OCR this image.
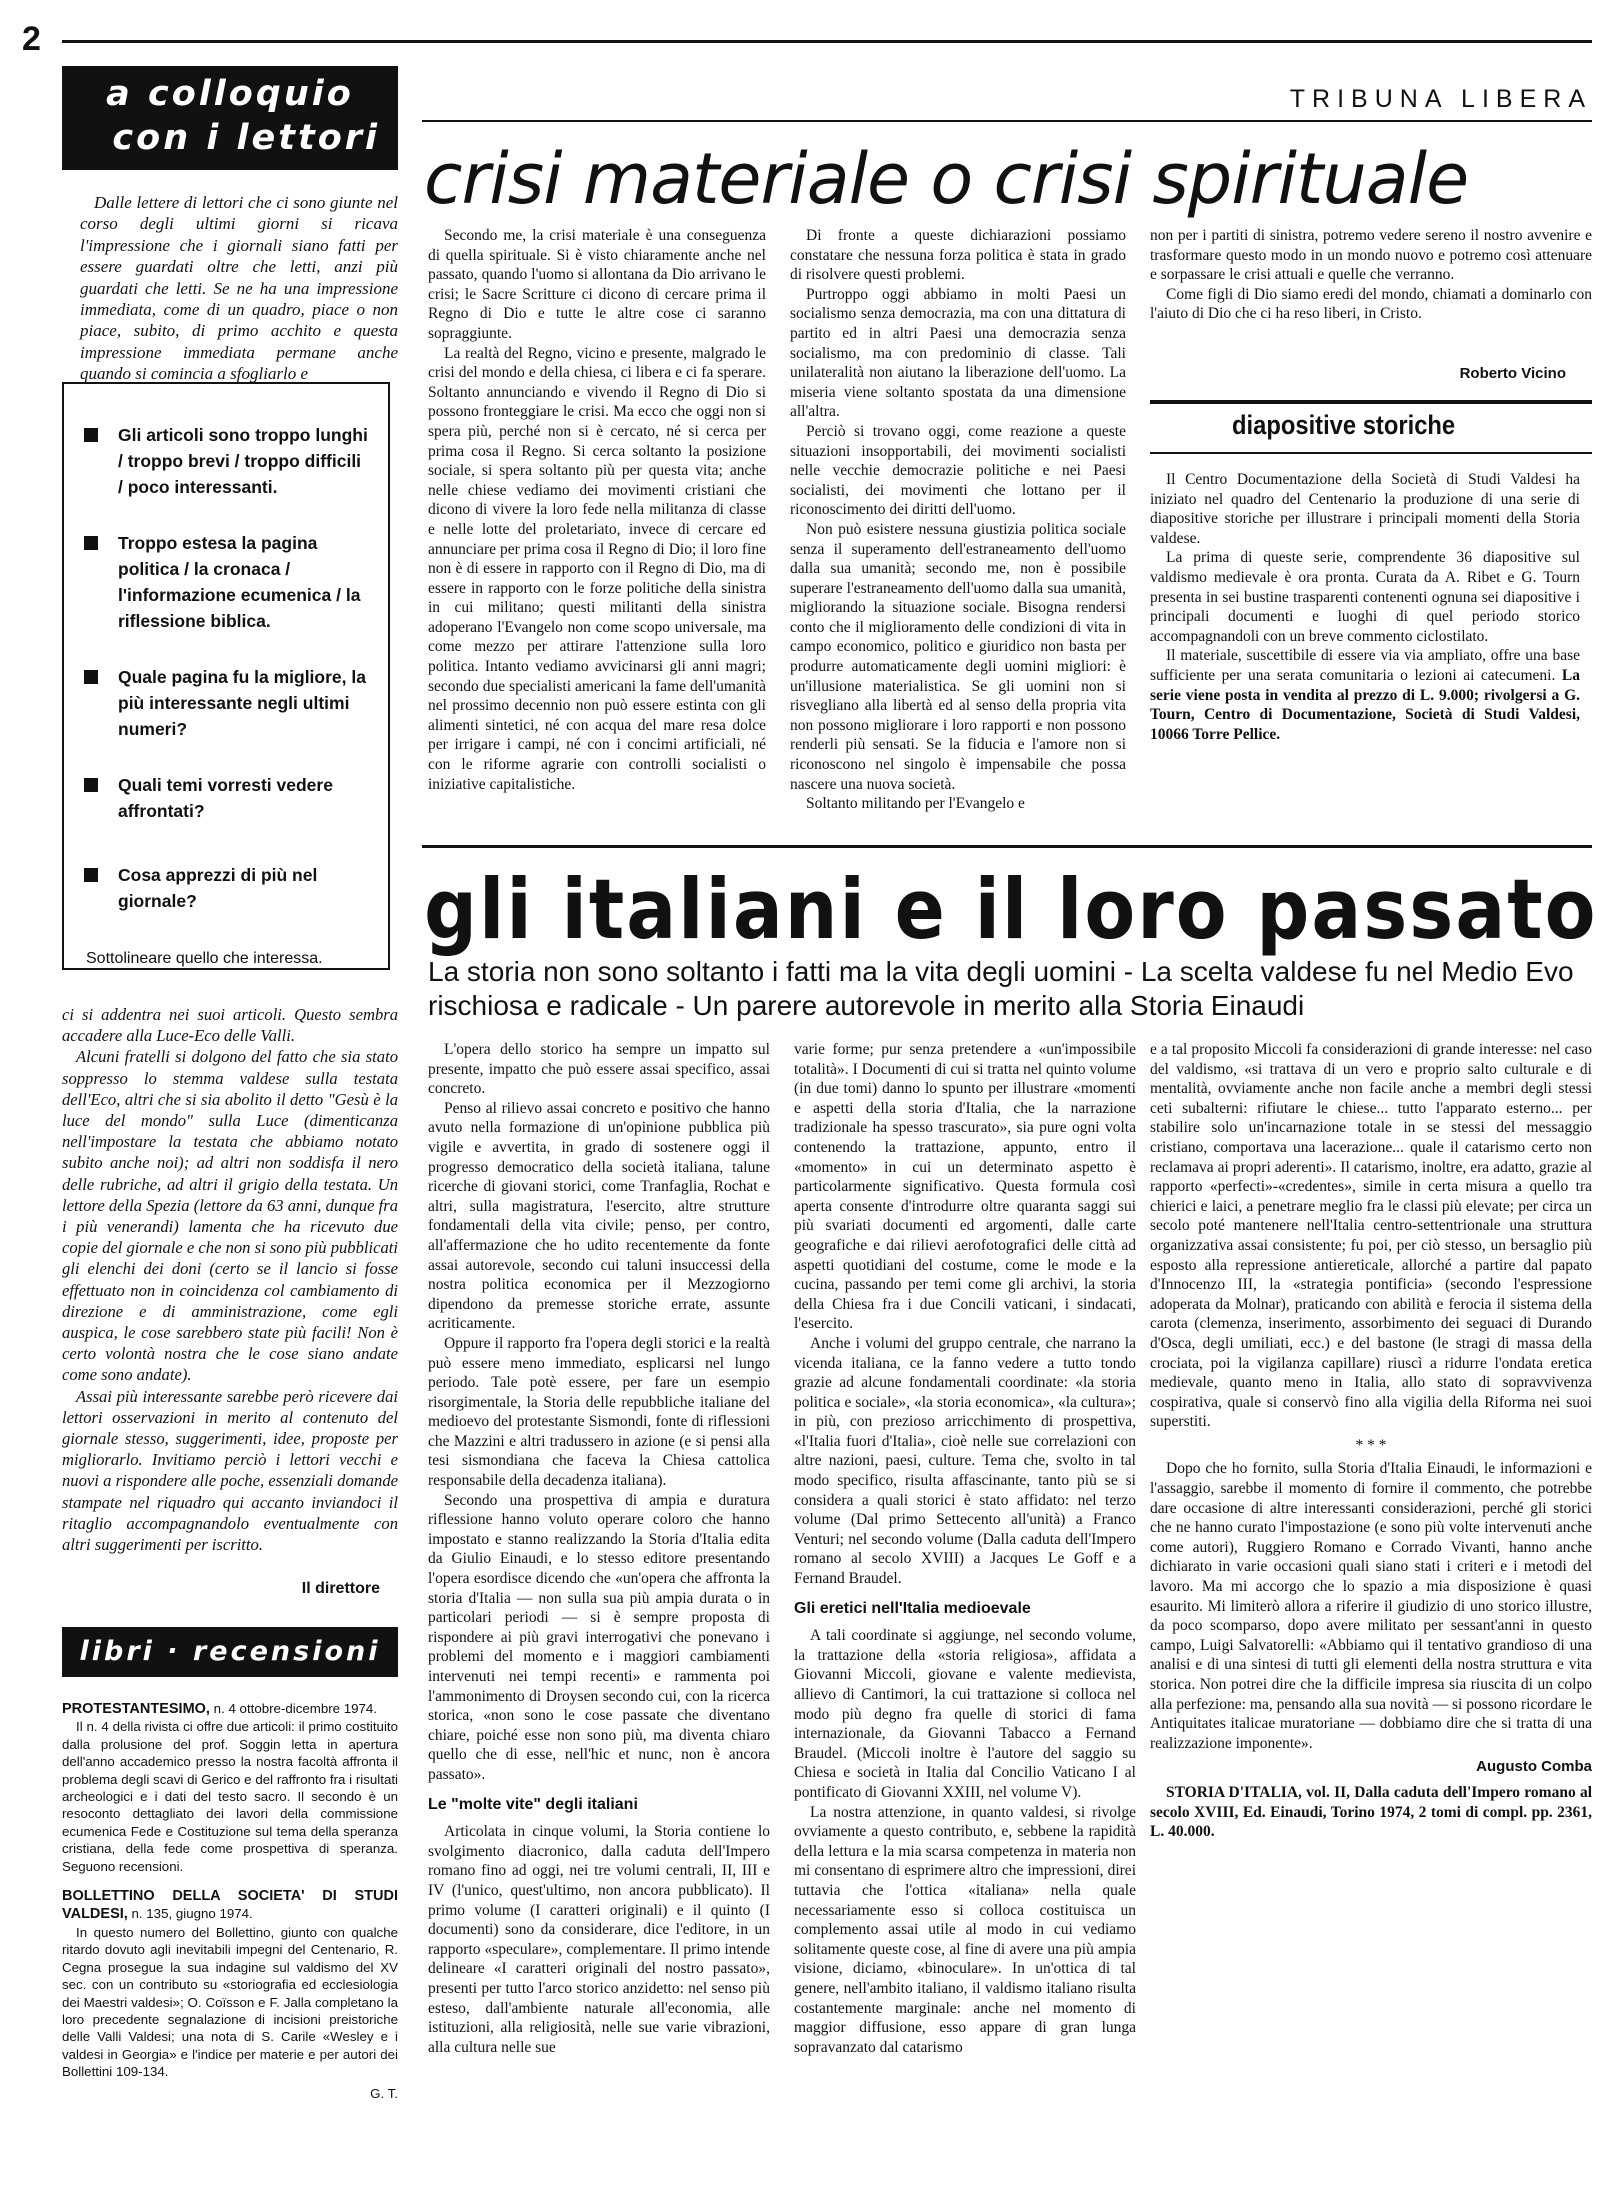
2
a colloquio
con i lettori
Dalle lettere di lettori che ci sono giunte nel corso degli ultimi giorni si ricava l'impressione che i giornali siano fatti per essere guardati oltre che letti, anzi più guardati che letti. Se ne ha una impressione immediata, come di un quadro, piace o non piace, subito, di primo acchito e questa impressione immediata permane anche quando si comincia a sfogliarlo e
Gli articoli sono troppo lunghi / troppo brevi / troppo difficili / poco interessanti.
Troppo estesa la pagina politica / la cronaca / l'informazione ecumenica / la riflessione biblica.
Quale pagina fu la migliore, la più interessante negli ultimi numeri?
Quali temi vorresti vedere affrontati?
Cosa apprezzi di più nel giornale?
Sottolineare quello che interessa.

ci si addentra nei suoi articoli. Questo sembra accadere alla Luce-Eco delle Valli.

Alcuni fratelli si dolgono del fatto che sia stato soppresso lo stemma valdese sulla testata dell'Eco, altri che si sia abolito il detto "Gesù è la luce del mondo" sulla Luce (dimenticanza nell'impostare la testata che abbiamo notato subito anche noi); ad altri non soddisfa il nero delle rubriche, ad altri il grigio della testata. Un lettore della Spezia (lettore da 63 anni, dunque fra i più venerandi) lamenta che ha ricevuto due copie del giornale e che non si sono più pubblicati gli elenchi dei doni (certo se il lancio si fosse effettuato non in coincidenza col cambiamento di direzione e di amministrazione, come egli auspica, le cose sarebbero state più facili! Non è certo volontà nostra che le cose siano andate come sono andate).

Assai più interessante sarebbe però ricevere dai lettori osservazioni in merito al contenuto del giornale stesso, suggerimenti, idee, proposte per migliorarlo. Invitiamo perciò i lettori vecchi e nuovi a rispondere alle poche, essenziali domande stampate nel riquadro qui accanto inviandoci il ritaglio accompagnandolo eventualmente con altri suggerimenti per iscritto.

Il direttore
libri · recensioni
PROTESTANTESIMO, n. 4 ottobre-dicembre 1974.

Il n. 4 della rivista ci offre due articoli: il primo costituito dalla prolusione del prof. Soggin letta in apertura dell'anno accademico presso la nostra facoltà affronta il problema degli scavi di Gerico e del raffronto fra i risultati archeologici e i dati del testo sacro. Il secondo è un resoconto dettagliato dei lavori della commissione ecumenica Fede e Costituzione sul tema della speranza cristiana, della fede come prospettiva di speranza. Seguono recensioni.

BOLLETTINO DELLA SOCIETA' DI STUDI VALDESI, n. 135, giugno 1974.

In questo numero del Bollettino, giunto con qualche ritardo dovuto agli inevitabili impegni del Centenario, R. Cegna prosegue la sua indagine sul valdismo del XV sec. con un contributo su «storiografia ed ecclesiologia dei Maestri valdesi»; O. Coïsson e F. Jalla completano la loro precedente segnalazione di incisioni preistoriche delle Valli Valdesi; una nota di S. Carile «Wesley e i valdesi in Georgia» e l'indice per materie e per autori dei Bollettini 109-134.

G. T.
TRIBUNA LIBERA
crisi materiale o crisi spirituale

Secondo me, la crisi materiale è una conseguenza di quella spirituale. Si è visto chiaramente anche nel passato, quando l'uomo si allontana da Dio arrivano le crisi; le Sacre Scritture ci dicono di cercare prima il Regno di Dio e tutte le altre cose ci saranno sopraggiunte.

La realtà del Regno, vicino e presente, malgrado le crisi del mondo e della chiesa, ci libera e ci fa sperare. Soltanto annunciando e vivendo il Regno di Dio si possono fronteggiare le crisi. Ma ecco che oggi non si spera più, perché non si è cercato, né si cerca per prima cosa il Regno. Si cerca soltanto la posizione sociale, si spera soltanto più per questa vita; anche nelle chiese vediamo dei movimenti cristiani che dicono di vivere la loro fede nella militanza di classe e nelle lotte del proletariato, invece di cercare ed annunciare per prima cosa il Regno di Dio; il loro fine non è di essere in rapporto con il Regno di Dio, ma di essere in rapporto con le forze politiche della sinistra in cui militano; questi militanti della sinistra adoperano l'Evangelo non come scopo universale, ma come mezzo per attirare l'attenzione sulla loro politica. Intanto vediamo avvicinarsi gli anni magri; secondo due specialisti americani la fame dell'umanità nel prossimo decennio non può essere estinta con gli alimenti sintetici, né con acqua del mare resa dolce per irrigare i campi, né con i concimi artificiali, né con le riforme agrarie con controlli socialisti o iniziative capitalistiche.

Di fronte a queste dichiarazioni possiamo constatare che nessuna forza politica è stata in grado di risolvere questi problemi.

Purtroppo oggi abbiamo in molti Paesi un socialismo senza democrazia, ma con una dittatura di partito ed in altri Paesi una democrazia senza socialismo, ma con predominio di classe. Tali unilateralità non aiutano la liberazione dell'uomo. La miseria viene soltanto spostata da una dimensione all'altra.

Perciò si trovano oggi, come reazione a queste situazioni insopportabili, dei movimenti socialisti nelle vecchie democrazie politiche e nei Paesi socialisti, dei movimenti che lottano per il riconoscimento dei diritti dell'uomo.

Non può esistere nessuna giustizia politica sociale senza il superamento dell'estraneamento dell'uomo dalla sua umanità; secondo me, non è possibile superare l'estraneamento dell'uomo dalla sua umanità, migliorando la situazione sociale. Bisogna rendersi conto che il miglioramento delle condizioni di vita in campo economico, politico e giuridico non basta per produrre automaticamente degli uomini migliori: è un'illusione materialistica. Se gli uomini non si risvegliano alla libertà ed al senso della propria vita non possono migliorare i loro rapporti e non possono renderli più sensati. Se la fiducia e l'amore non si riconoscono nel singolo è impensabile che possa nascere una nuova società.

Soltanto militando per l'Evangelo e

non per i partiti di sinistra, potremo vedere sereno il nostro avvenire e trasformare questo modo in un mondo nuovo e potremo così attenuare e sorpassare le crisi attuali e quelle che verranno.

Come figli di Dio siamo eredi del mondo, chiamati a dominarlo con l'aiuto di Dio che ci ha reso liberi, in Cristo.

Roberto Vicino
diapositive storiche

Il Centro Documentazione della Società di Studi Valdesi ha iniziato nel quadro del Centenario la produzione di una serie di diapositive storiche per illustrare i principali momenti della Storia valdese.

La prima di queste serie, comprendente 36 diapositive sul valdismo medievale è ora pronta. Curata da A. Ribet e G. Tourn presenta in sei bustine trasparenti contenenti ognuna sei diapositive i principali documenti e luoghi di quel periodo storico accompagnandoli con un breve commento ciclostilato.

Il materiale, suscettibile di essere via via ampliato, offre una base sufficiente per una serata comunitaria o lezioni ai catecumeni. La serie viene posta in vendita al prezzo di L. 9.000; rivolgersi a G. Tourn, Centro di Documentazione, Società di Studi Valdesi, 10066 Torre Pellice.

gli italiani e il loro passato
La storia non sono soltanto i fatti ma la vita degli uomini - La scelta valdese fu nel Medio Evo rischiosa e radicale - Un parere autorevole in merito alla Storia Einaudi

L'opera dello storico ha sempre un impatto sul presente, impatto che può essere assai specifico, assai concreto.

Penso al rilievo assai concreto e positivo che hanno avuto nella formazione di un'opinione pubblica più vigile e avvertita, in grado di sostenere oggi il progresso democratico della società italiana, talune ricerche di giovani storici, come Tranfaglia, Rochat e altri, sulla magistratura, l'esercito, altre strutture fondamentali della vita civile; penso, per contro, all'affermazione che ho udito recentemente da fonte assai autorevole, secondo cui taluni insuccessi della nostra politica economica per il Mezzogiorno dipendono da premesse storiche errate, assunte acriticamente.

Oppure il rapporto fra l'opera degli storici e la realtà può essere meno immediato, esplicarsi nel lungo periodo. Tale potè essere, per fare un esempio risorgimentale, la Storia delle repubbliche italiane del medioevo del protestante Sismondi, fonte di riflessioni che Mazzini e altri tradussero in azione (e si pensi alla tesi sismondiana che faceva la Chiesa cattolica responsabile della decadenza italiana).

Secondo una prospettiva di ampia e duratura riflessione hanno voluto operare coloro che hanno impostato e stanno realizzando la Storia d'Italia edita da Giulio Einaudi, e lo stesso editore presentando l'opera esordisce dicendo che «un'opera che affronta la storia d'Italia — non sulla sua più ampia durata o in particolari periodi — si è sempre proposta di rispondere ai più gravi interrogativi che ponevano i problemi del momento e i maggiori cambiamenti intervenuti nei tempi recenti» e rammenta poi l'ammonimento di Droysen secondo cui, con la ricerca storica, «non sono le cose passate che diventano chiare, poiché esse non sono più, ma diventa chiaro quello che di esse, nell'hic et nunc, non è ancora passato».

Le "molte vite" degli italiani

Articolata in cinque volumi, la Storia contiene lo svolgimento diacronico, dalla caduta dell'Impero romano fino ad oggi, nei tre volumi centrali, II, III e IV (l'unico, quest'ultimo, non ancora pubblicato). Il primo volume (I caratteri originali) e il quinto (I documenti) sono da considerare, dice l'editore, in un rapporto «speculare», complementare. Il primo intende delineare «I caratteri originali del nostro passato», presenti per tutto l'arco storico anzidetto: nel senso più esteso, dall'ambiente naturale all'economia, alle istituzioni, alla religiosità, nelle sue varie vibrazioni, alla cultura nelle sue

varie forme; pur senza pretendere a «un'impossibile totalità». I Documenti di cui si tratta nel quinto volume (in due tomi) danno lo spunto per illustrare «momenti e aspetti della storia d'Italia, che la narrazione tradizionale ha spesso trascurato», sia pure ogni volta contenendo la trattazione, appunto, entro il «momento» in cui un determinato aspetto è particolarmente significativo. Questa formula così aperta consente d'introdurre oltre quaranta saggi sui più svariati documenti ed argomenti, dalle carte geografiche e dai rilievi aerofotografici delle città ad aspetti quotidiani del costume, come le mode e la cucina, passando per temi come gli archivi, la storia della Chiesa fra i due Concili vaticani, i sindacati, l'esercito.

Anche i volumi del gruppo centrale, che narrano la vicenda italiana, ce la fanno vedere a tutto tondo grazie ad alcune fondamentali coordinate: «la storia politica e sociale», «la storia economica», «la cultura»; in più, con prezioso arricchimento di prospettiva, «l'Italia fuori d'Italia», cioè nelle sue correlazioni con altre nazioni, paesi, culture. Tema che, svolto in tal modo specifico, risulta affascinante, tanto più se si considera a quali storici è stato affidato: nel terzo volume (Dal primo Settecento all'unità) a Franco Venturi; nel secondo volume (Dalla caduta dell'Impero romano al secolo XVIII) a Jacques Le Goff e a Fernand Braudel.

Gli eretici nell'Italia medioevale

A tali coordinate si aggiunge, nel secondo volume, la trattazione della «storia religiosa», affidata a Giovanni Miccoli, giovane e valente medievista, allievo di Cantimori, la cui trattazione si colloca nel modo più degno fra quelle di storici di fama internazionale, da Giovanni Tabacco a Fernand Braudel. (Miccoli inoltre è l'autore del saggio su Chiesa e società in Italia dal Concilio Vaticano I al pontificato di Giovanni XXIII, nel volume V).

La nostra attenzione, in quanto valdesi, si rivolge ovviamente a questo contributo, e, sebbene la rapidità della lettura e la mia scarsa competenza in materia non mi consentano di esprimere altro che impressioni, direi tuttavia che l'ottica «italiana» nella quale necessariamente esso si colloca costituisca un complemento assai utile al modo in cui vediamo solitamente queste cose, al fine di avere una più ampia visione, diciamo, «binoculare». In un'ottica di tal genere, nell'ambito italiano, il valdismo italiano risulta costantemente marginale: anche nel momento di maggior diffusione, esso appare di gran lunga sopravanzato dal catarismo

e a tal proposito Miccoli fa considerazioni di grande interesse: nel caso del valdismo, «si trattava di un vero e proprio salto culturale e di mentalità, ovviamente anche non facile anche a membri degli stessi ceti subalterni: rifiutare le chiese... tutto l'apparato esterno... per stabilire solo un'incarnazione totale in se stessi del messaggio cristiano, comportava una lacerazione... quale il catarismo certo non reclamava ai propri aderenti». Il catarismo, inoltre, era adatto, grazie al rapporto «perfecti»-«credentes», simile in certa misura a quello tra chierici e laici, a penetrare meglio fra le classi più elevate; per circa un secolo poté mantenere nell'Italia centro-settentrionale una struttura organizzativa assai consistente; fu poi, per ciò stesso, un bersaglio più esposto alla repressione antiereticale, allorché a partire dal papato d'Innocenzo III, la «strategia pontificia» (secondo l'espressione adoperata da Molnar), praticando con abilità e ferocia il sistema della carota (clemenza, inserimento, assorbimento dei seguaci di Durando d'Osca, degli umiliati, ecc.) e del bastone (le stragi di massa della crociata, poi la vigilanza capillare) riuscì a ridurre l'ondata eretica medievale, quanto meno in Italia, allo stato di sopravvivenza cospirativa, quale si conservò fino alla vigilia della Riforma nei suoi superstiti.

* * *

Dopo che ho fornito, sulla Storia d'Italia Einaudi, le informazioni e l'assaggio, sarebbe il momento di fornire il commento, che potrebbe dare occasione di altre interessanti considerazioni, perché gli storici che ne hanno curato l'impostazione (e sono più volte intervenuti anche come autori), Ruggiero Romano e Corrado Vivanti, hanno anche dichiarato in varie occasioni quali siano stati i criteri e i metodi del lavoro. Ma mi accorgo che lo spazio a mia disposizione è quasi esaurito. Mi limiterò allora a riferire il giudizio di uno storico illustre, da poco scomparso, dopo avere militato per sessant'anni in questo campo, Luigi Salvatorelli: «Abbiamo qui il tentativo grandioso di una analisi e di una sintesi di tutti gli elementi della nostra struttura e vita storica. Non potrei dire che la difficile impresa sia riuscita di un colpo alla perfezione: ma, pensando alla sua novità — si possono ricordare le Antiquitates italicae muratoriane — dobbiamo dire che si tratta di una realizzazione imponente».

Augusto Comba

STORIA D'ITALIA, vol. II, Dalla caduta dell'Impero romano al secolo XVIII, Ed. Einaudi, Torino 1974, 2 tomi di compl. pp. 2361, L. 40.000.
